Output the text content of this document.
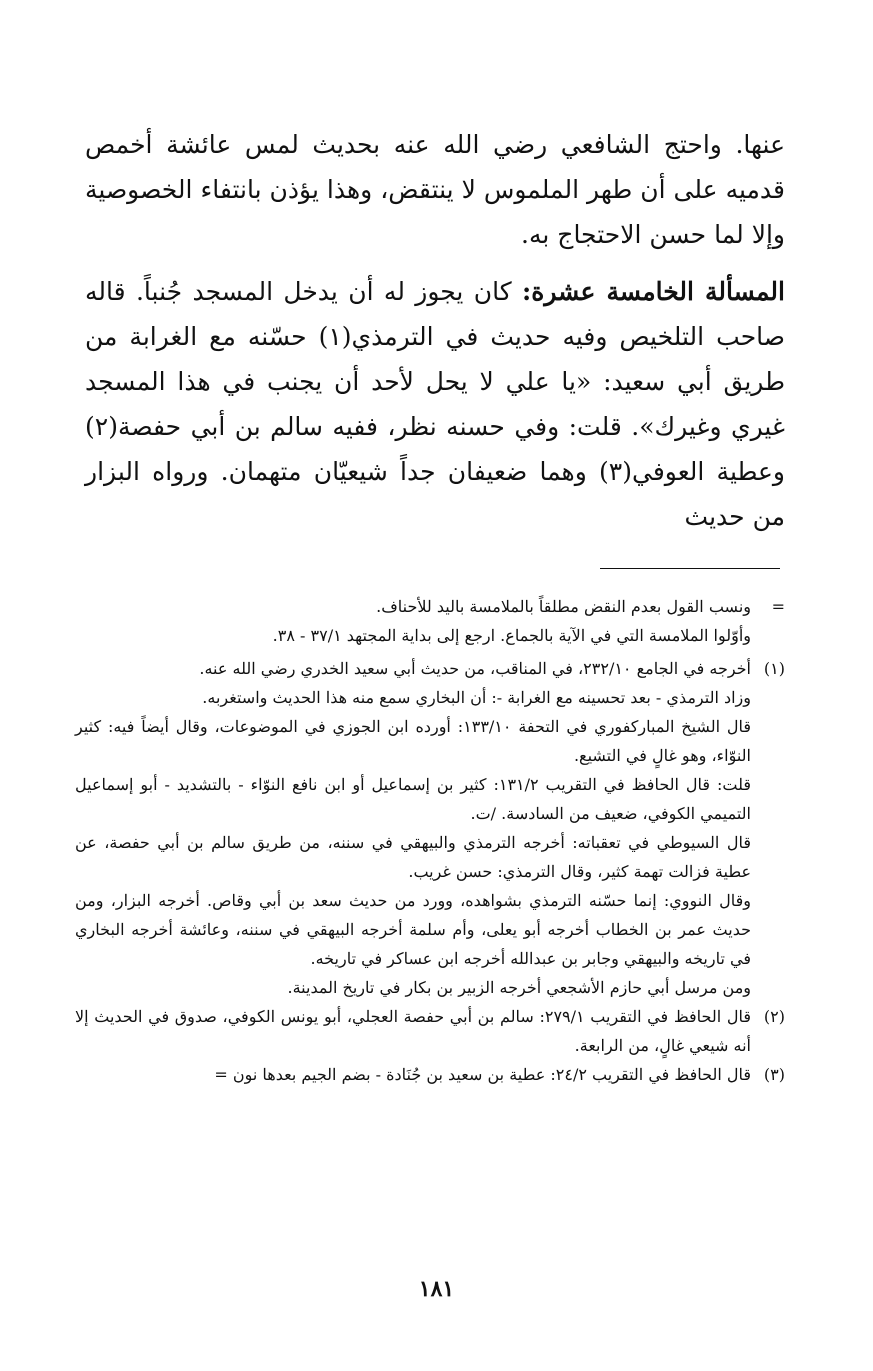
عنها. واحتج الشافعي رضي الله عنه بحديث لمس عائشة أخمص قدميه على أن طهر الملموس لا ينتقض، وهذا يؤذن بانتفاء الخصوصية وإلا لما حسن الاحتجاج به.

المسألة الخامسة عشرة: كان يجوز له أن يدخل المسجد جُنباً. قاله صاحب التلخيص وفيه حديث في الترمذي(١) حسّنه مع الغرابة من طريق أبي سعيد: «يا علي لا يحل لأحد أن يجنب في هذا المسجد غيري وغيرك». قلت: وفي حسنه نظر، ففيه سالم بن أبي حفصة(٢) وعطية العوفي(٣) وهما ضعيفان جداً شيعيّان متهمان. ورواه البزار من حديث

=

ونسب القول بعدم النقض مطلقاً بالملامسة باليد للأحناف.

وأوّلوا الملامسة التي في الآية بالجماع. ارجع إلى بداية المجتهد ٣٧/١ - ٣٨.

(١)

أخرجه في الجامع ٢٣٢/١٠، في المناقب، من حديث أبي سعيد الخدري رضي الله عنه.

وزاد الترمذي - بعد تحسينه مع الغرابة -: أن البخاري سمع منه هذا الحديث واستغربه.

قال الشيخ المباركفوري في التحفة ١٣٣/١٠: أورده ابن الجوزي في الموضوعات، وقال أيضاً فيه: كثير النوّاء، وهو غالٍ في التشيع.

قلت: قال الحافظ في التقريب ١٣١/٢: كثير بن إسماعيل أو ابن نافع النوّاء - بالتشديد - أبو إسماعيل التميمي الكوفي، ضعيف من السادسة. /ت.

قال السيوطي في تعقباته: أخرجه الترمذي والبيهقي في سننه، من طريق سالم بن أبي حفصة، عن عطية فزالت تهمة كثير، وقال الترمذي: حسن غريب.

وقال النووي: إنما حسّنه الترمذي بشواهده، وورد من حديث سعد بن أبي وقاص. أخرجه البزار، ومن حديث عمر بن الخطاب أخرجه أبو يعلى، وأم سلمة أخرجه البيهقي في سننه، وعائشة أخرجه البخاري في تاريخه والبيهقي وجابر بن عبدالله أخرجه ابن عساكر في تاريخه.

ومن مرسل أبي حازم الأشجعي أخرجه الزبير بن بكار في تاريخ المدينة.

(٢)

قال الحافظ في التقريب ٢٧٩/١: سالم بن أبي حفصة العجلي، أبو يونس الكوفي، صدوق في الحديث إلا أنه شيعي غالٍ، من الرابعة.

(٣)

قال الحافظ في التقريب ٢٤/٢: عطية بن سعيد بن جُنَادة - بضم الجيم بعدها نون =

١٨١
